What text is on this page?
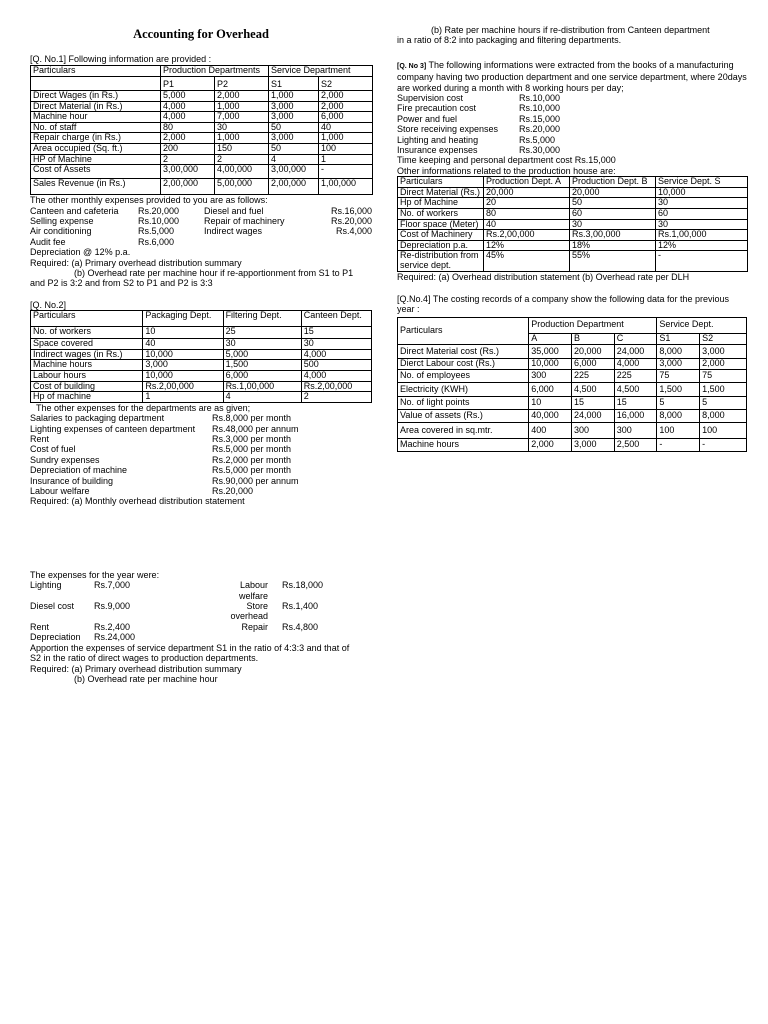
Accounting for Overhead

[Q. No.1] Following information are provided :

Particulars	Production Departments		Service Department	
	P1	P2	S1	S2
Direct Wages (in Rs.)	5,000	2,000	1,000	2,000
Direct Material (in Rs.)	4,000	1,000	3,000	2,000
Machine hour	4,000	7,000	3,000	6,000
No. of staff	80	30	50	40
Repair charge (in Rs.)	2,000	1,000	3,000	1,000
Area occupied (Sq. ft.)	200	150	50	100
HP of Machine	2	2	4	1
Cost of Assets	3,00,000	4,00,000	3,00,000	-
Sales Revenue (in Rs.)	2,00,000	5,00,000	2,00,000	1,00,000

The other monthly expenses provided to you are as follows:

Canteen and cafeteria	Rs.20,000	Diesel and fuel	Rs.16,000
Selling expense	Rs.10,000	Repair of machinery	Rs.20,000
Air conditioning	Rs.5,000	Indirect wages	Rs.4,000
Audit fee	Rs.6,000

Depreciation @ 12% p.a.

Required: (a) Primary overhead distribution summary

(b) Overhead rate per machine hour if re-apportionment from S1 to P1

and P2 is 3:2 and from S2 to P1 and P2 is 3:3

[Q. No.2]

Particulars	Packaging Dept.	Filtering Dept.	Canteen Dept.
No. of workers	10	25	15
Space covered	40	30	30
Indirect wages (in Rs.)	10,000	5,000	4,000
Machine hours	3,000	1,500	500
Labour hours	10,000	6,000	4,000
Cost of building	Rs.2,00,000	Rs.1,00,000	Rs.2,00,000
Hp of machine	1	4	2

The other expenses for the departments are as given;

Salaries to packaging department	Rs.8,000 per month
Lighting expenses of canteen department	Rs.48,000 per annum
Rent	Rs.3,000 per month
Cost of fuel	Rs.5,000 per month
Sundry expenses	Rs.2,000 per month
Depreciation of machine	Rs.5,000 per month
Insurance of building	Rs.90,000 per annum
Labour welfare	Rs.20,000

Required: (a) Monthly overhead distribution statement

The expenses for the year were:

Lighting	Rs.7,000	Labour welfare
Rs.18,000
Diesel cost	Rs.9,000	Store overhead
Rs.1,400
Rent	Rs.2,400	Repair	Rs.4,800
Depreciation	Rs.24,000

Apportion the expenses of service department S1 in the ratio of 4:3:3 and that of

S2 in the ratio of direct wages to production departments.

Required: (a) Primary overhead distribution summary

(b) Overhead rate per machine hour

(b) Rate per machine hours if re-distribution from Canteen department

in a ratio of 8:2 into packaging and filtering departments.

[Q. No 3] The following informations were extracted from the books of a manufacturing company having two production department and one service department, where 20days are worked during a month with 8 working hours per day;

Supervision cost	Rs.10,000
Fire precaution cost	Rs.10,000
Power and fuel	Rs.15,000
Store receiving expenses	Rs.20,000
Lighting and heating	Rs.5,000
Insurance expenses	Rs.30,000

Time keeping and personal department cost Rs.15,000

Other informations related to the production house are:

Particulars	Production Dept. A	Production Dept. B	Service Dept. S
Direct Material (Rs.)	20,000	20,000	10,000
Hp of Machine	20	50	30
No. of workers	80	60	60
Floor space (Meter)	40	30	30
Cost of Machinery	Rs.2,00,000	Rs.3,00,000	Rs.1,00,000
Depreciation p.a.	12%	18%	12%
Re-distribution from service dept.	45%	55%	-

Required: (a) Overhead distribution statement (b) Overhead rate per DLH

[Q.No.4] The costing records of a company show the following data for the previous year :

Particulars	Production Department			Service Dept.	
	A	B	C	S1	S2
Direct Material cost (Rs.)	35,000	20,000	24,000	8,000	3,000
Dierct Labour cost (Rs.)	10,000	6,000	4,000	3,000	2,000
No. of employees	300	225	225	75	75
Electricity (KWH)	6,000	4,500	4,500	1,500	1,500
No. of light points	10	15	15	5	5
Value of assets (Rs.)	40,000	24,000	16,000	8,000	8,000
Area covered in sq.mtr.	400	300	300	100	100
Machine hours	2,000	3,000	2,500	-	-
